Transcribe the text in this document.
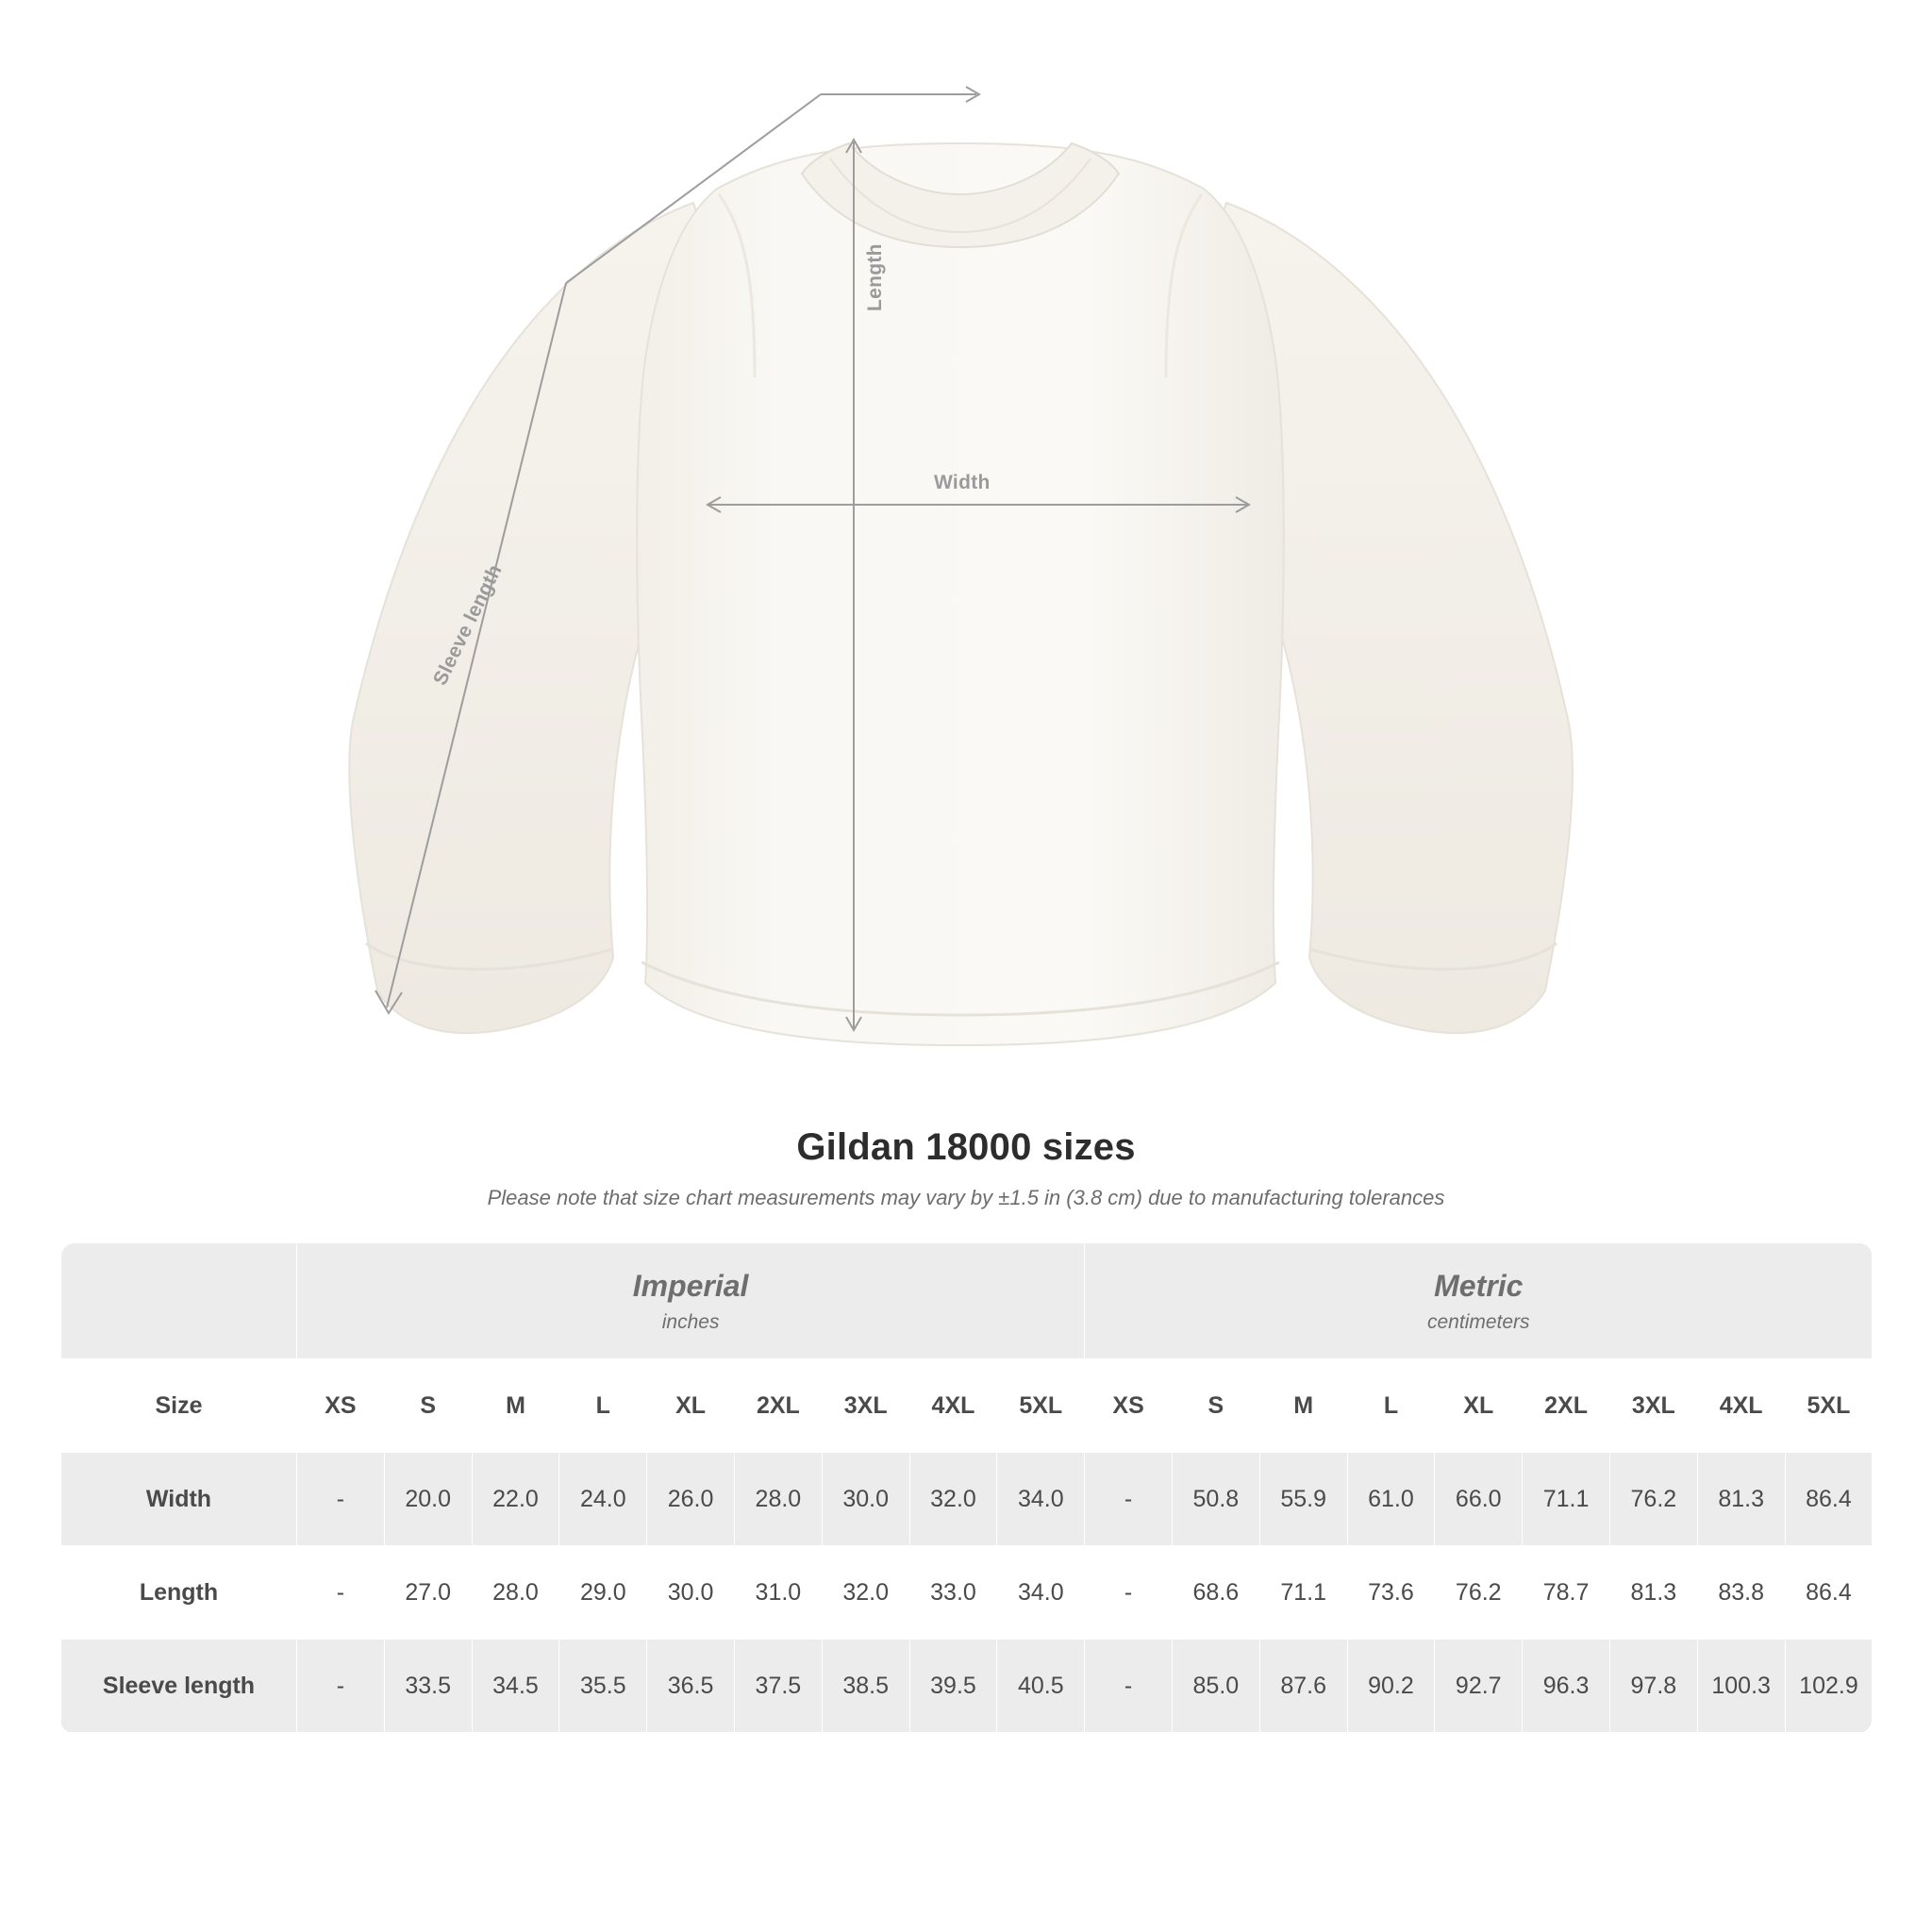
Length
Width
Sleeve length
Gildan 18000 sizes
Please note that size chart measurements may vary by ±1.5 in (3.8 cm) due to manufacturing tolerances

Imperial
inches

Metric
centimeters

Size	XS	S	M	L	XL	2XL	3XL	4XL	5XL	XS	S	M	L	XL	2XL	3XL	4XL	5XL
Width	-	20.0	22.0	24.0	26.0	28.0	30.0	32.0	34.0	-	50.8	55.9	61.0	66.0	71.1	76.2	81.3	86.4
Length	-	27.0	28.0	29.0	30.0	31.0	32.0	33.0	34.0	-	68.6	71.1	73.6	76.2	78.7	81.3	83.8	86.4
Sleeve length	-	33.5	34.5	35.5	36.5	37.5	38.5	39.5	40.5	-	85.0	87.6	90.2	92.7	96.3	97.8	100.3	102.9
